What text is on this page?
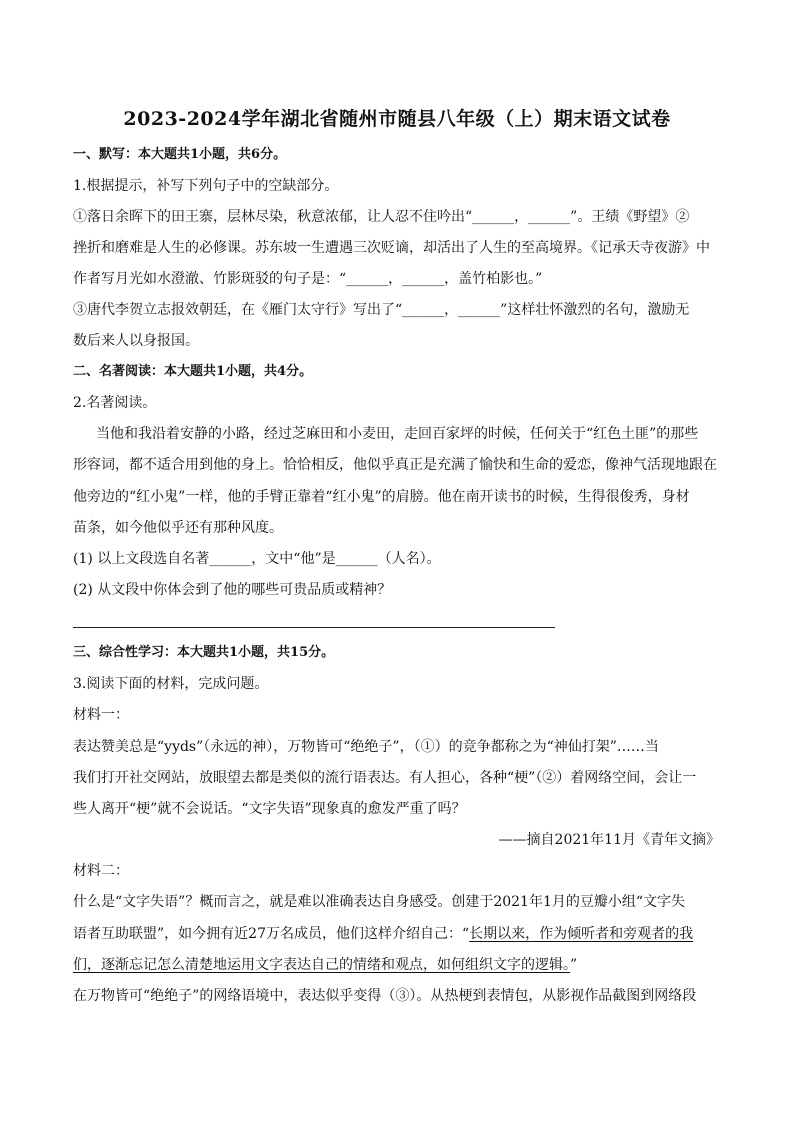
2023-2024学年湖北省随州市随县八年级（上）期末语文试卷
一、默写：本大题共1小题，共6分。
1.根据提示，补写下列句子中的空缺部分。
①落日余晖下的田王寨，层林尽染，秋意浓郁，让人忍不住吟出“______，______”。王绩《野望》②
挫折和磨难是人生的必修课。苏东坡一生遭遇三次贬谪，却活出了人生的至高境界。《记承天寺夜游》中
作者写月光如水澄澈、竹影斑驳的句子是：“______，______，盖竹柏影也。”
③唐代李贺立志报效朝廷，在《雁门太守行》写出了“______，______”这样壮怀激烈的名句，激励无
数后来人以身报国。
二、名著阅读：本大题共1小题，共4分。
2.名著阅读。
当他和我沿着安静的小路，经过芝麻田和小麦田，走回百家坪的时候，任何关于“红色土匪”的那些
形容词，都不适合用到他的身上。恰恰相反，他似乎真正是充满了愉快和生命的爱恋，像神气活现地跟在
他旁边的“红小鬼”一样，他的手臂正靠着“红小鬼”的肩膀。他在南开读书的时候，生得很俊秀，身材
苗条，如今他似乎还有那种风度。
(1) 以上文段选自名著______，文中“他”是______（人名）。
(2) 从文段中你体会到了他的哪些可贵品质或精神？
三、综合性学习：本大题共1小题，共15分。
3.阅读下面的材料，完成问题。
材料一：
表达赞美总是“yyds”（永远的神），万物皆可“绝绝子”，（①）的竞争都称之为“神仙打架”……当
我们打开社交网站，放眼望去都是类似的流行语表达。有人担心，各种“梗”（②）着网络空间，会让一
些人离开“梗”就不会说话。“文字失语”现象真的愈发严重了吗？
——摘自2021年11月《青年文摘》
材料二：
什么是“文字失语”？概而言之，就是难以准确表达自身感受。创建于2021年1月的豆瓣小组“文字失
语者互助联盟”，如今拥有近27万名成员，他们这样介绍自己：“长期以来，作为倾听者和旁观者的我
们，逐渐忘记怎么清楚地运用文字表达自己的情绪和观点，如何组织文字的逻辑。”
在万物皆可“绝绝子”的网络语境中，表达似乎变得（③）。从热梗到表情包，从影视作品截图到网络段
